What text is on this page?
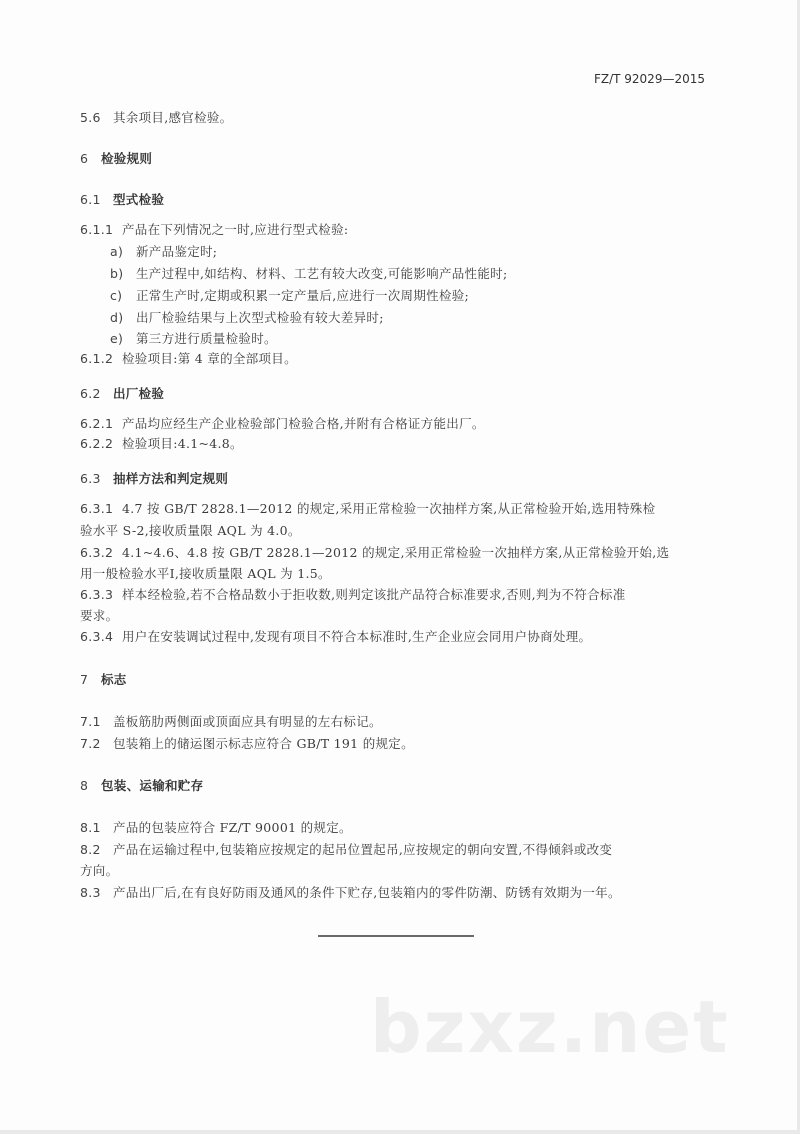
FZ/T 92029—2015
5.6 其余项目,感官检验。
6 检验规则
6.1 型式检验
6.1.1 产品在下列情况之一时,应进行型式检验:
a) 新产品鉴定时;
b) 生产过程中,如结构、材料、工艺有较大改变,可能影响产品性能时;
c) 正常生产时,定期或积累一定产量后,应进行一次周期性检验;
d) 出厂检验结果与上次型式检验有较大差异时;
e) 第三方进行质量检验时。
6.1.2 检验项目:第 4 章的全部项目。
6.2 出厂检验
6.2.1 产品均应经生产企业检验部门检验合格,并附有合格证方能出厂。
6.2.2 检验项目:4.1~4.8。
6.3 抽样方法和判定规则
6.3.1 4.7 按 GB/T 2828.1—2012 的规定,采用正常检验一次抽样方案,从正常检验开始,选用特殊检
验水平 S-2,接收质量限 AQL 为 4.0。
6.3.2 4.1~4.6、4.8 按 GB/T 2828.1—2012 的规定,采用正常检验一次抽样方案,从正常检验开始,选
用一般检验水平Ⅰ,接收质量限 AQL 为 1.5。
6.3.3 样本经检验,若不合格品数小于拒收数,则判定该批产品符合标准要求,否则,判为不符合标准
要求。
6.3.4 用户在安装调试过程中,发现有项目不符合本标准时,生产企业应会同用户协商处理。
7 标志
7.1 盖板筋肋两侧面或顶面应具有明显的左右标记。
7.2 包装箱上的储运图示标志应符合 GB/T 191 的规定。
8 包装、运输和贮存
8.1 产品的包装应符合 FZ/T 90001 的规定。
8.2 产品在运输过程中,包装箱应按规定的起吊位置起吊,应按规定的朝向安置,不得倾斜或改变
方向。
8.3 产品出厂后,在有良好防雨及通风的条件下贮存,包装箱内的零件防潮、防锈有效期为一年。
bzxz.net
